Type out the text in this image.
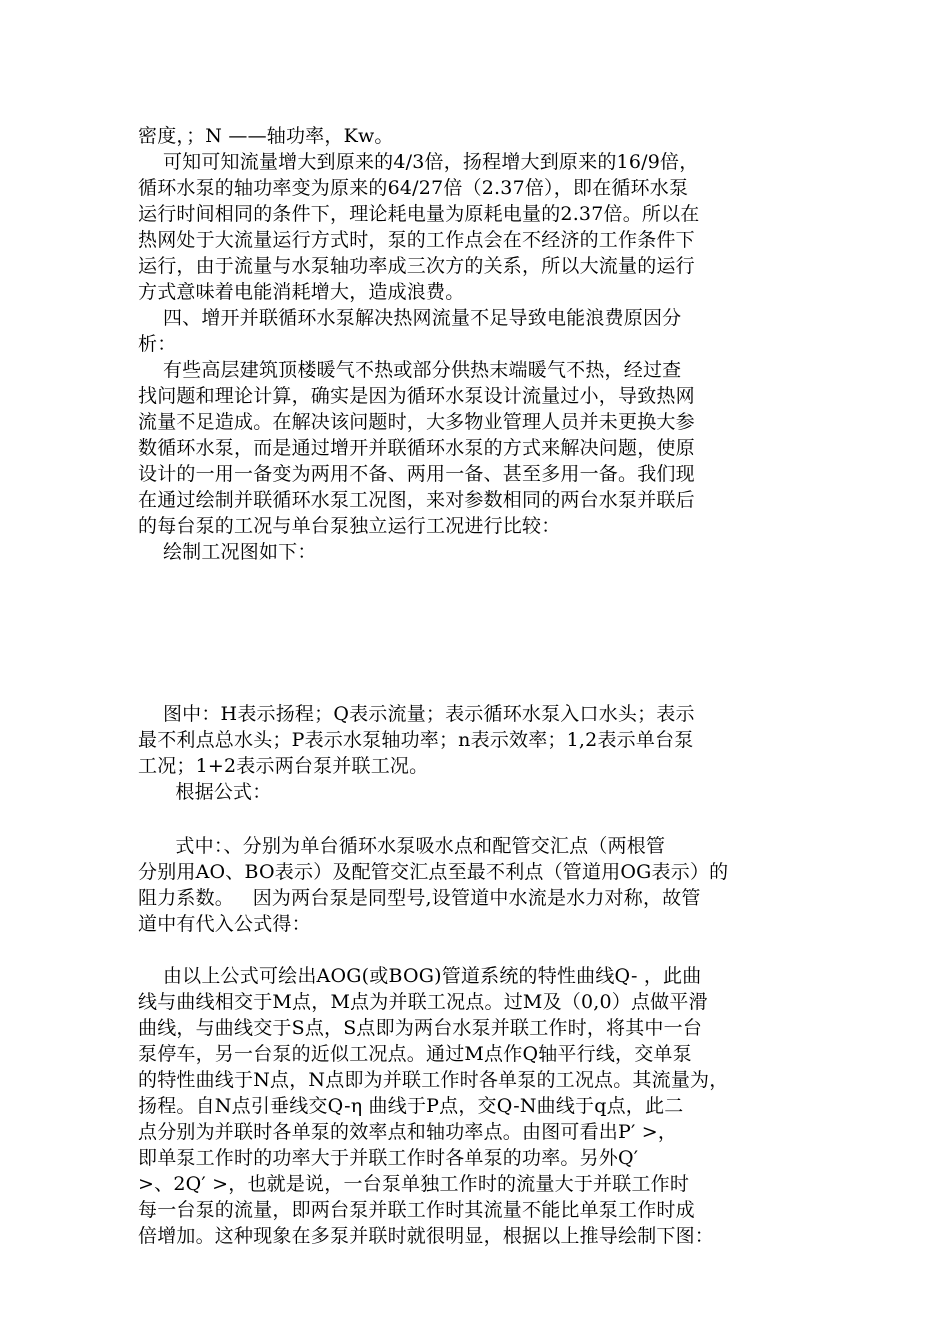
密度，；N ——轴功率，Kw。
可知可知流量增大到原来的4/3倍，扬程增大到原来的16/9倍，
循环水泵的轴功率变为原来的64/27倍（2.37倍），即在循环水泵
运行时间相同的条件下，理论耗电量为原耗电量的2.37倍。所以在
热网处于大流量运行方式时，泵的工作点会在不经济的工作条件下
运行，由于流量与水泵轴功率成三次方的关系，所以大流量的运行
方式意味着电能消耗增大，造成浪费。
四、增开并联循环水泵解决热网流量不足导致电能浪费原因分
析：
有些高层建筑顶楼暖气不热或部分供热末端暖气不热，经过查
找问题和理论计算，确实是因为循环水泵设计流量过小，导致热网
流量不足造成。在解决该问题时，大多物业管理人员并未更换大参
数循环水泵，而是通过增开并联循环水泵的方式来解决问题，使原
设计的一用一备变为两用不备、两用一备、甚至多用一备。我们现
在通过绘制并联循环水泵工况图，来对参数相同的两台水泵并联后
的每台泵的工况与单台泵独立运行工况进行比较：
绘制工况图如下：
图中：H表示扬程；Q表示流量；表示循环水泵入口水头；表示
最不利点总水头；P表示水泵轴功率；n表示效率；1,2表示单台泵
工况；1+2表示两台泵并联工况。
根据公式：
式中：、分别为单台循环水泵吸水点和配管交汇点（两根管
分别用AO、BO表示）及配管交汇点至最不利点（管道用OG表示）的
阻力系数。   因为两台泵是同型号,设管道中水流是水力对称，故管
道中有代入公式得：
由以上公式可绘出AOG(或BOG)管道系统的特性曲线Q- ，此曲
线与曲线相交于M点，M点为并联工况点。过M及（0,0）点做平滑
曲线，与曲线交于S点，S点即为两台水泵并联工作时，将其中一台
泵停车，另一台泵的近似工况点。通过M点作Q轴平行线，交单泵
的特性曲线于N点，N点即为并联工作时各单泵的工况点。其流量为，
扬程。自N点引垂线交Q-η 曲线于P点，交Q-N曲线于q点，此二
点分别为并联时各单泵的效率点和轴功率点。由图可看出P′ >，
即单泵工作时的功率大于并联工作时各单泵的功率。另外Q′
>、2Q′ >，也就是说，一台泵单独工作时的流量大于并联工作时
每一台泵的流量，即两台泵并联工作时其流量不能比单泵工作时成
倍增加。这种现象在多泵并联时就很明显，根据以上推导绘制下图：
